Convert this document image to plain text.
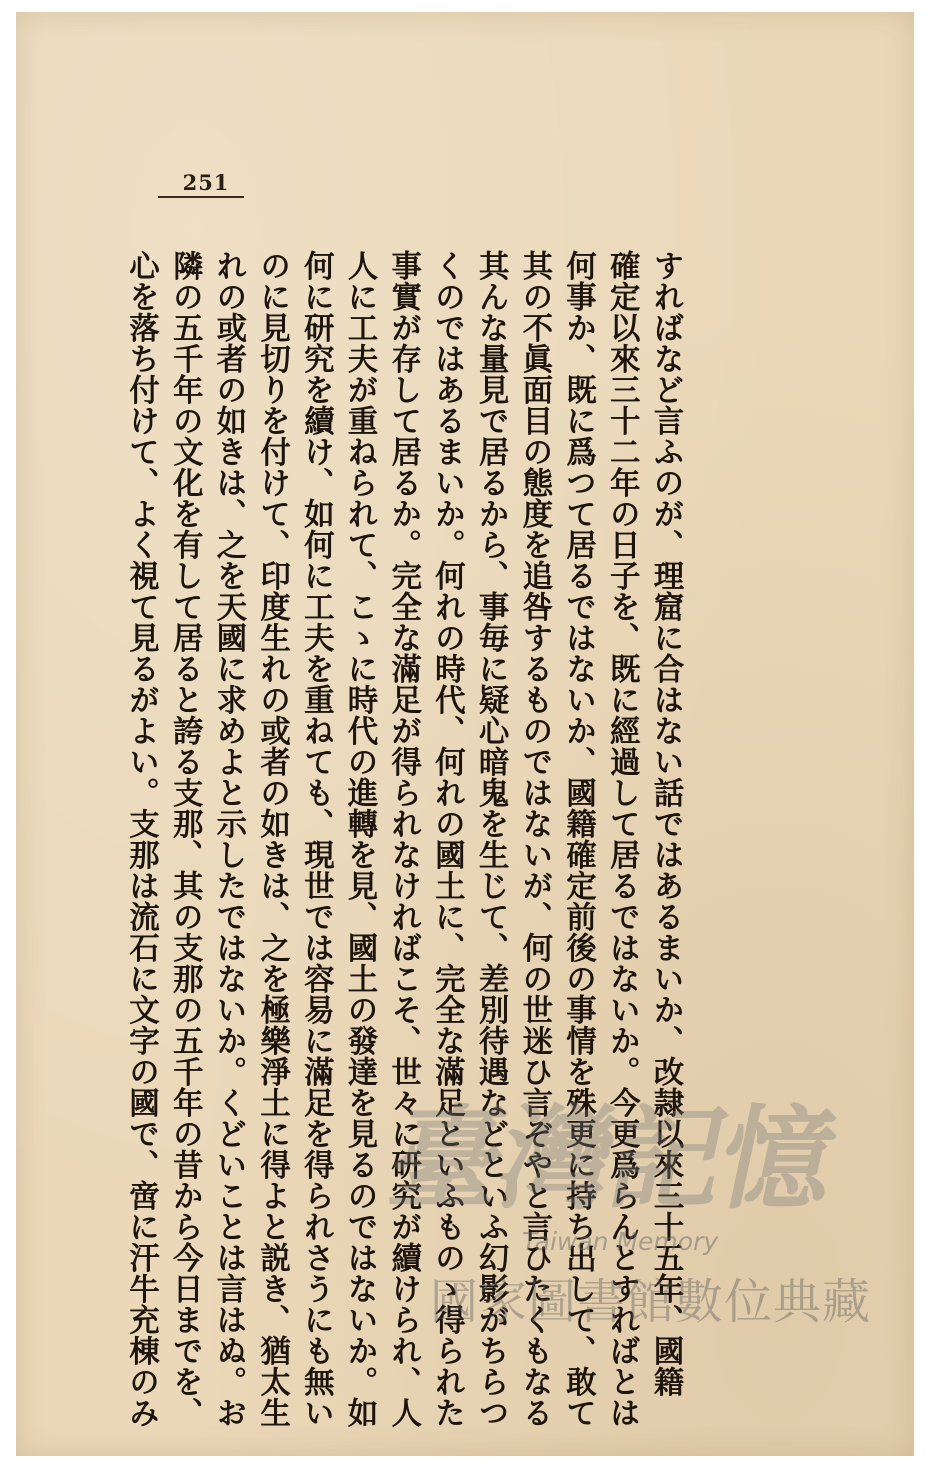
251
すればなど言ふのが、理窟に合はない話ではあるまいか、改隷以來三十五年、國籍
確定以來三十二年の日子を、既に經過して居るではないか。今更爲らんとすればとは
何事か、既に爲つて居るではないか、國籍確定前後の事情を殊更に持ち出して、敢て
其の不眞面目の態度を追咎するものではないが、何の世迷ひ言ぞやと言ひたくもなる
其んな量見で居るから、事毎に疑心暗鬼を生じて、差別待遇などといふ幻影がちらつ
くのではあるまいか。何れの時代、何れの國土に、完全な滿足といふものゝ得られた
事實が存して居るか。完全な滿足が得られなければこそ、世々に研究が續けられ、人
人に工夫が重ねられて、こゝに時代の進轉を見、國土の發達を見るのではないか。如
何に研究を續け、如何に工夫を重ねても、現世では容易に滿足を得られさうにも無い
のに見切りを付けて、印度生れの或者の如きは、之を極樂淨土に得よと説き、猶太生
れの或者の如きは、之を天國に求めよと示したではないか。くどいことは言はぬ。お
隣の五千年の文化を有して居ると誇る支那、其の支那の五千年の昔から今日までを、
心を落ち付けて、よく視て見るがよい。支那は流石に文字の國で、啻に汗牛充棟のみ 臺灣記憶
Taiwan Memory
國家圖書館數位典藏
